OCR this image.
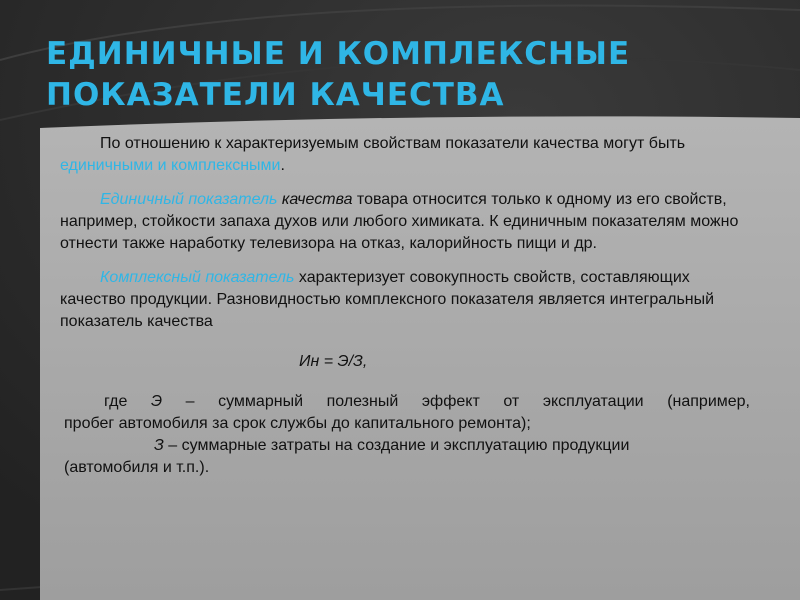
ЕДИНИЧНЫЕ И КОМПЛЕКСНЫЕ
ПОКАЗАТЕЛИ КАЧЕСТВА

По отношению к характеризуемым свойствам показатели качества могут быть единичными и комплексными.

Единичный показатель качества товара относится только к одному из его свойств, например, стойкости запаха духов или любого химиката. К единичным показателям можно отнести также наработку телевизора на отказ, калорийность пищи и др.

Комплексный показатель характеризует совокупность свойств, составляющих качество продукции. Разновидностью комплексного показателя является интегральный показатель качества

Ин = Э/З,
где Э – суммарный полезный эффект от эксплуатации (например,
пробег автомобиля за срок службы до капитального ремонта);
З – суммарные затраты на создание и эксплуатацию продукции
(автомобиля и т.п.).
